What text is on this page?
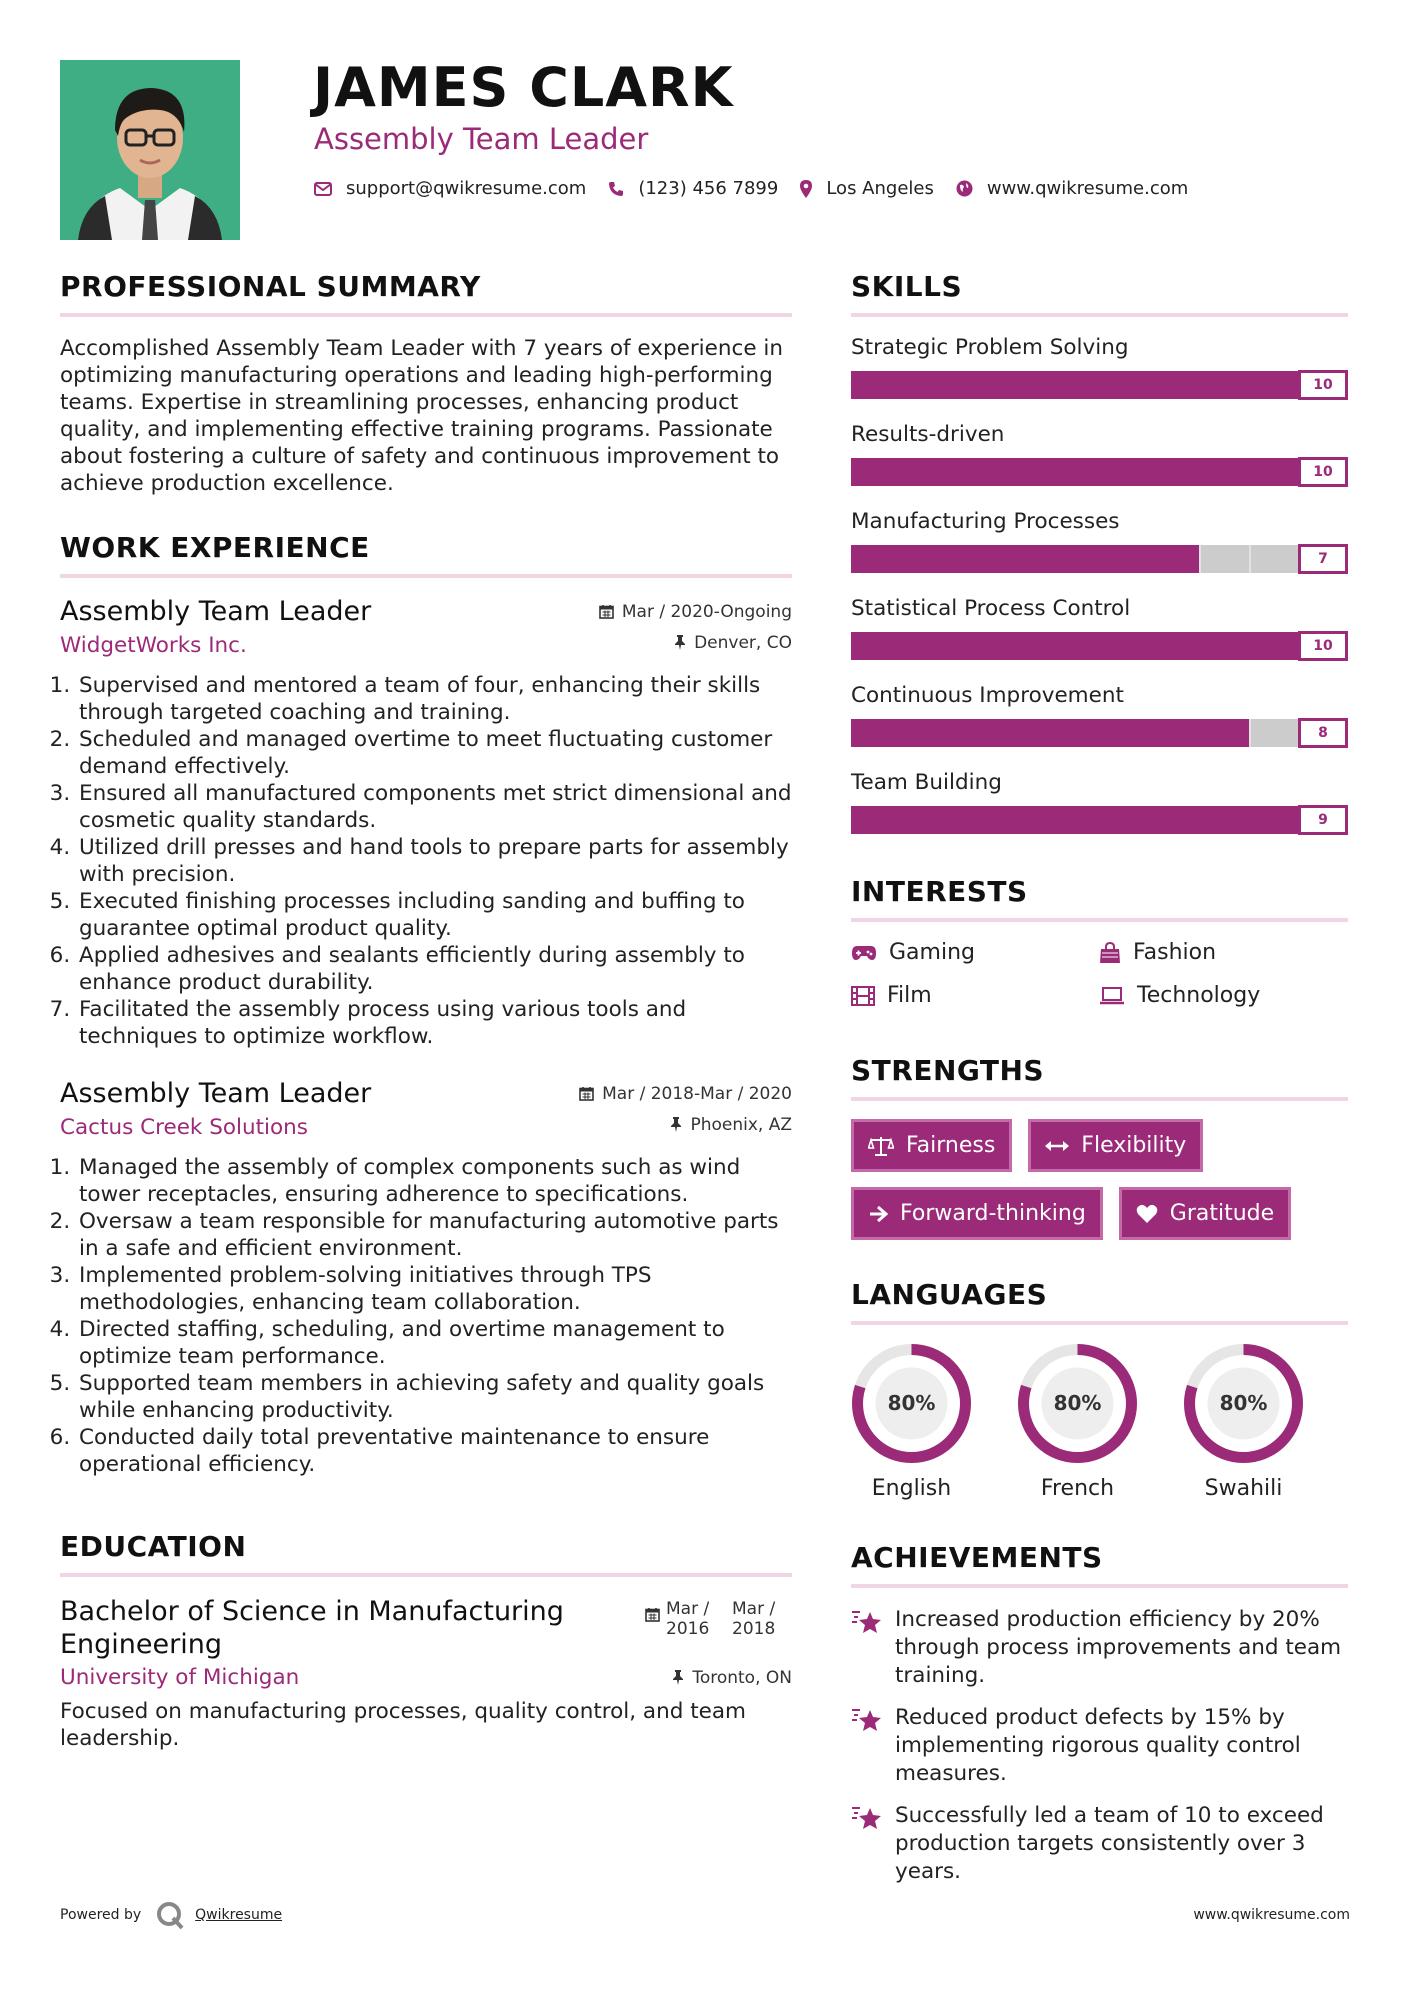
JAMES CLARK
Assembly Team Leader
support@qwikresume.com	(123) 456 7899	Los Angeles	www.qwikresume.com
PROFESSIONAL SUMMARY
Accomplished Assembly Team Leader with 7 years of experience in optimizing manufacturing operations and leading high-performing teams. Expertise in streamlining processes, enhancing product quality, and implementing effective training programs. Passionate about fostering a culture of safety and continuous improvement to achieve production excellence.
WORK EXPERIENCE
Assembly Team Leader	Mar / 2020-Ongoing
WidgetWorks Inc.	Denver, CO
1. Supervised and mentored a team of four, enhancing their skills through targeted coaching and training.
2. Scheduled and managed overtime to meet fluctuating customer demand effectively.
3. Ensured all manufactured components met strict dimensional and cosmetic quality standards.
4. Utilized drill presses and hand tools to prepare parts for assembly with precision.
5. Executed finishing processes including sanding and buffing to guarantee optimal product quality.
6. Applied adhesives and sealants efficiently during assembly to enhance product durability.
7. Facilitated the assembly process using various tools and techniques to optimize workflow.
Assembly Team Leader	Mar / 2018-Mar / 2020
Cactus Creek Solutions	Phoenix, AZ
1. Managed the assembly of complex components such as wind tower receptacles, ensuring adherence to specifications.
2. Oversaw a team responsible for manufacturing automotive parts in a safe and efficient environment.
3. Implemented problem-solving initiatives through TPS methodologies, enhancing team collaboration.
4. Directed staffing, scheduling, and overtime management to optimize team performance.
5. Supported team members in achieving safety and quality goals while enhancing productivity.
6. Conducted daily total preventative maintenance to ensure operational efficiency.
EDUCATION
Bachelor of Science in Manufacturing Engineering
Mar / 2016
Mar / 2018
University of Michigan	Toronto, ON
Focused on manufacturing processes, quality control, and team leadership.
SKILLS
Strategic Problem Solving
10
Results-driven
10
Manufacturing Processes
7
Statistical Process Control
10
Continuous Improvement
8
Team Building
9
INTERESTS
Gaming	Fashion
Film	Technology
STRENGTHS
Fairness	Flexibility
Forward-thinking	Gratitude
LANGUAGES
80%
English
80%
French
80%
Swahili
ACHIEVEMENTS
Increased production efficiency by 20% through process improvements and team training.
Reduced product defects by 15% by implementing rigorous quality control measures.
Successfully led a team of 10 to exceed production targets consistently over 3 years.
Powered by	Qwikresume	www.qwikresume.com
